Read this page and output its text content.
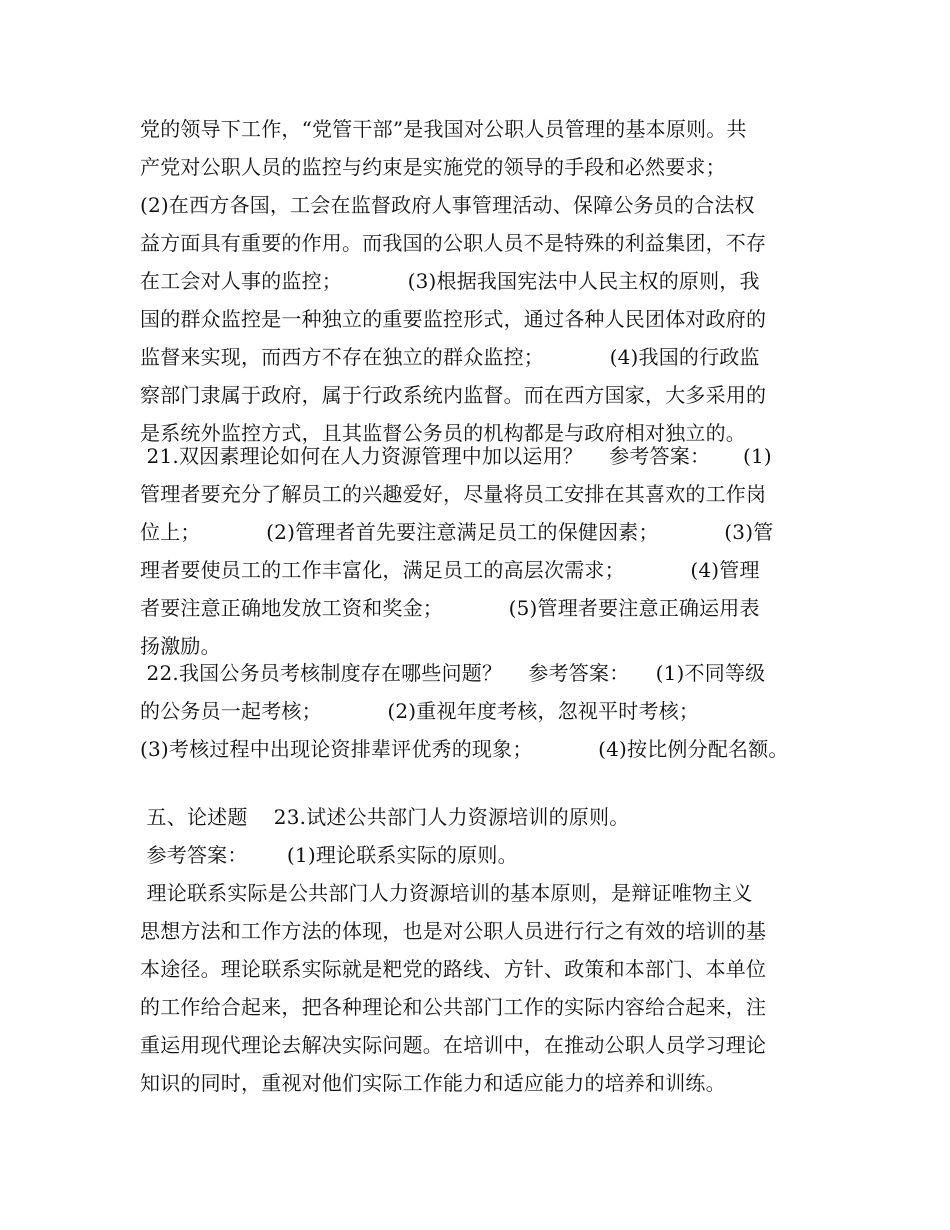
党的领导下工作，“党管干部”是我国对公职人员管理的基本原则。共
产党对公职人员的监控与约束是实施党的领导的手段和必然要求；
(2)在西方各国，工会在监督政府人事管理活动、保障公务员的合法权
益方面具有重要的作用。而我国的公职人员不是特殊的利益集团，不存
在工会对人事的监控；          (3)根据我国宪法中人民主权的原则，我
国的群众监控是一种独立的重要监控形式，通过各种人民团体对政府的
监督来实现，而西方不存在独立的群众监控；          (4)我国的行政监
察部门隶属于政府，属于行政系统内监督。而在西方国家，大多采用的
是系统外监控方式，且其监督公务员的机构都是与政府相对独立的。
21.双因素理论如何在人力资源管理中加以运用？    参考答案：     (1)
管理者要充分了解员工的兴趣爱好，尽量将员工安排在其喜欢的工作岗
位上；          (2)管理者首先要注意满足员工的保健因素；          (3)管
理者要使员工的工作丰富化，满足员工的高层次需求；          (4)管理
者要注意正确地发放工资和奖金；          (5)管理者要注意正确运用表
扬激励。
22.我国公务员考核制度存在哪些问题？    参考答案：    (1)不同等级
的公务员一起考核；          (2)重视年度考核，忽视平时考核；
(3)考核过程中出现论资排辈评优秀的现象；          (4)按比例分配名额。
五、论述题    23.试述公共部门人力资源培训的原则。
参考答案：      (1)理论联系实际的原则。
理论联系实际是公共部门人力资源培训的基本原则，是辩证唯物主义
思想方法和工作方法的体现，也是对公职人员进行行之有效的培训的基
本途径。理论联系实际就是粑党的路线、方针、政策和本部门、本单位
的工作给合起来，把各种理论和公共部门工作的实际内容给合起来，注
重运用现代理论去解决实际问题。在培训中，在推动公职人员学习理论
知识的同时，重视对他们实际工作能力和适应能力的培养和训练。
